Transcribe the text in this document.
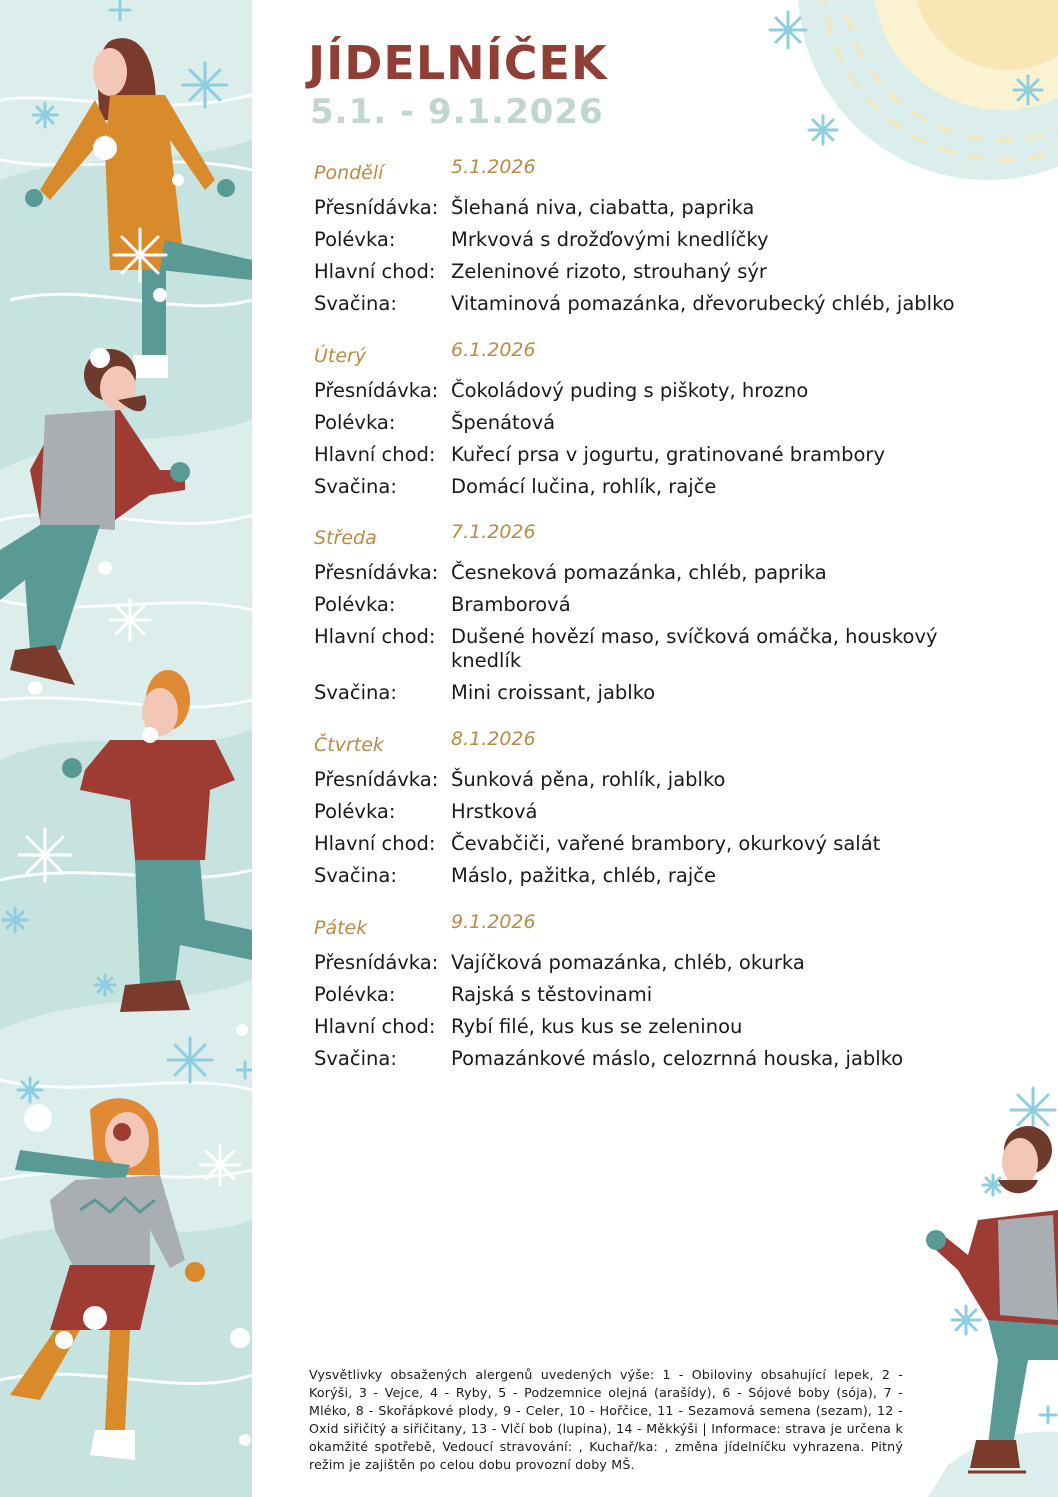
JÍDELNÍČEK
5.1. - 9.1.2026
Pondělí	5.1.2026
Přesnídávka: Šlehaná niva, ciabatta, paprika
Polévka:	Mrkvová s drožďovými knedlíčky
Hlavní chod: Zeleninové rizoto, strouhaný sýr
Svačina:	Vitaminová pomazánka, dřevorubecký chléb, jablko
Úterý	6.1.2026
Přesnídávka: Čokoládový puding s piškoty, hrozno
Polévka:	Špenátová
Hlavní chod: Kuřecí prsa v jogurtu, gratinované brambory
Svačina:	Domácí lučina, rohlík, rajče
Středa	7.1.2026
Přesnídávka: Česneková pomazánka, chléb, paprika
Polévka:	Bramborová
Hlavní chod: Dušené hovězí maso, svíčková omáčka, houskový knedlík
Svačina:	Mini croissant, jablko
Čtvrtek	8.1.2026
Přesnídávka: Šunková pěna, rohlík, jablko
Polévka:	Hrstková
Hlavní chod: Čevabčiči, vařené brambory, okurkový salát
Svačina:	Máslo, pažitka, chléb, rajče
Pátek	9.1.2026
Přesnídávka: Vajíčková pomazánka, chléb, okurka
Polévka:	Rajská s těstovinami
Hlavní chod: Rybí filé, kus kus se zeleninou
Svačina:	Pomazánkové máslo, celozrnná houska, jablko
Vysvětlivky obsažených alergenů uvedených výše: 1 - Obiloviny obsahující lepek, 2 - Korýši, 3 - Vejce, 4 - Ryby, 5 - Podzemnice olejná (arašídy), 6 - Sójové boby (sója), 7 - Mléko, 8 - Skořápkové plody, 9 - Celer, 10 - Hořčice, 11 - Sezamová semena (sezam), 12 - Oxid siřičitý a siřičitany, 13 - Vlčí bob (lupina), 14 - Měkkýši | Informace: strava je určena k okamžité spotřebě, Vedoucí stravování: , Kuchař/ka: , změna jídelníčku vyhrazena. Pitný režim je zajištěn po celou dobu provozní doby MŠ.
